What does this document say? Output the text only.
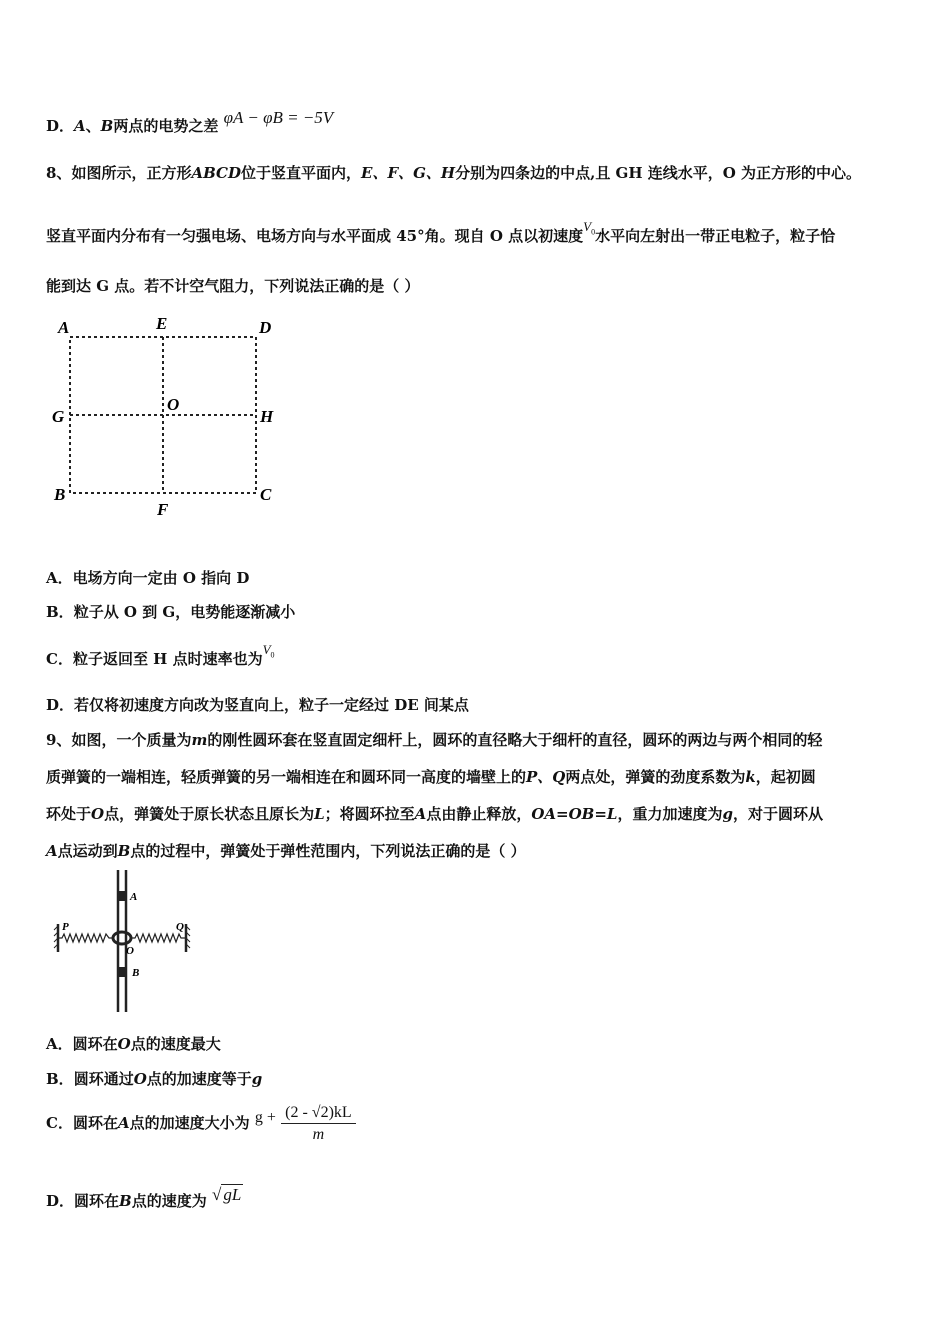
D．A、B两点的电势之差 φA − φB = −5V
8、如图所示，正方形ABCD位于竖直平面内，E、F、G、H分别为四条边的中点,且 GH 连线水平，O 为正方形的中心。
竖直平面内分布有一匀强电场、电场方向与水平面成 45°角。现自 O 点以初速度$V_0$水平向左射出一带正电粒子，粒子恰
能到达 G 点。若不计空气阻力，下列说法正确的是（ ）
A	E	D
G
O
H
B
F
C
A．电场方向一定由 O 指向 D
B．粒子从 O 到 G，电势能逐渐减小
C．粒子返回至 H 点时速率也为$V_0$
D．若仅将初速度方向改为竖直向上，粒子一定经过 DE 间某点
9、如图，一个质量为m的刚性圆环套在竖直固定细杆上，圆环的直径略大于细杆的直径，圆环的两边与两个相同的轻
质弹簧的一端相连，轻质弹簧的另一端相连在和圆环同一高度的墙壁上的P、Q两点处，弹簧的劲度系数为k，起初圆
环处于O点，弹簧处于原长状态且原长为L；将圆环拉至A点由静止释放，OA=OB=L，重力加速度为g，对于圆环从
A点运动到B点的过程中，弹簧处于弹性范围内，下列说法正确的是（ ）
A
P	Q
O
B
A．圆环在O点的速度最大
B．圆环通过O点的加速度等于g
C．圆环在A点的加速度大小为 $g + \frac{(2 - √2)kL}{m}$
D．圆环在B点的速度为 √ gL
